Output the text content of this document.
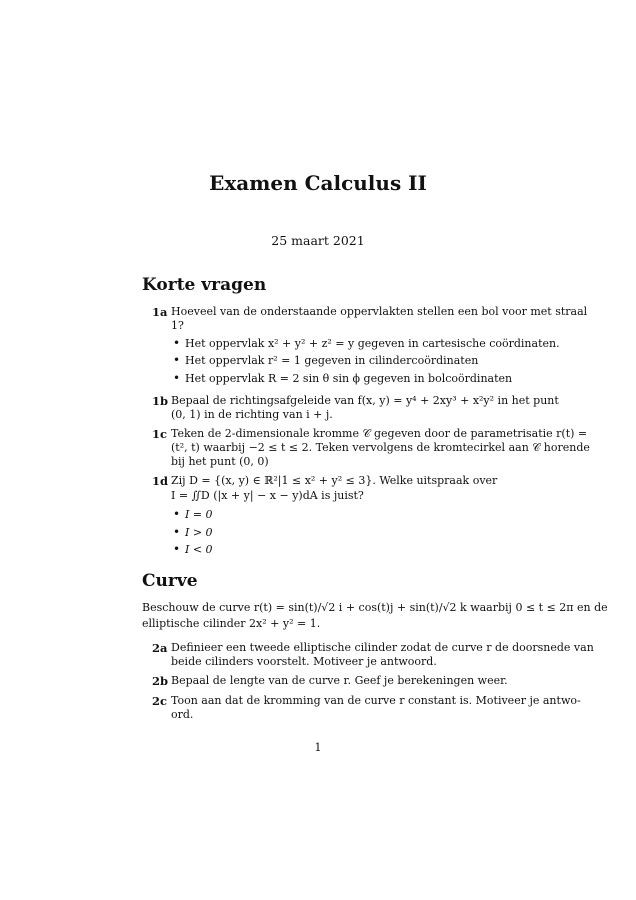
Examen Calculus II
25 maart 2021
Korte vragen
1a Hoeveel van de onderstaande oppervlakten stellen een bol voor met straal
1?
• Het oppervlak x² + y² + z² = y gegeven in cartesische coördinaten.
• Het oppervlak r² = 1 gegeven in cilindercoördinaten
• Het oppervlak R = 2 sin θ sin ϕ gegeven in bolcoördinaten
1b Bepaal de richtingsafgeleide van f(x, y) = y⁴ + 2xy³ + x²y² in het punt
(0, 1) in de richting van i + j.
1c Teken de 2-dimensionale kromme 𝒞 gegeven door de parametrisatie r(t) =
(t², t) waarbij −2 ≤ t ≤ 2. Teken vervolgens de kromtecirkel aan 𝒞 horende
bij het punt (0, 0)
1d Zij D = {(x, y) ∈ ℝ²|1 ≤ x² + y² ≤ 3}. Welke uitspraak over
I = ∬D (|x + y| − x − y)dA is juist?
• I = 0
• I > 0
• I < 0
Curve
Beschouw de curve r(t) = sin(t)/√2 i + cos(t)j + sin(t)/√2 k waarbij 0 ≤ t ≤ 2π en de
elliptische cilinder 2x² + y² = 1.
2a Definieer een tweede elliptische cilinder zodat de curve r de doorsnede van
beide cilinders voorstelt. Motiveer je antwoord.
2b Bepaal de lengte van de curve r. Geef je berekeningen weer.
2c Toon aan dat de kromming van de curve r constant is. Motiveer je antwo-
ord.
1
